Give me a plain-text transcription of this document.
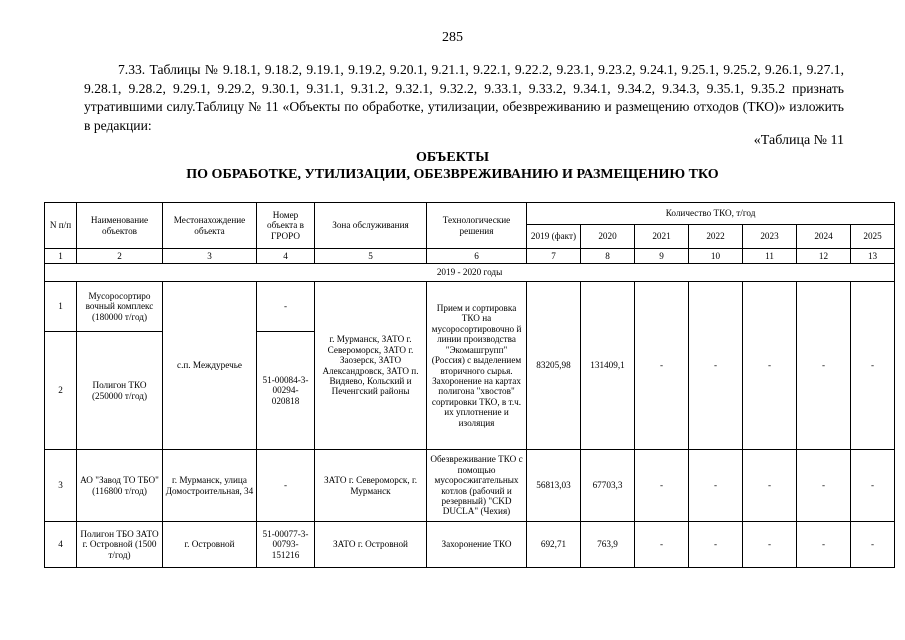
285

7.33. Таблицы № 9.18.1, 9.18.2, 9.19.1, 9.19.2, 9.20.1, 9.21.1, 9.22.1, 9.22.2, 9.23.1, 9.23.2, 9.24.1, 9.25.1, 9.25.2, 9.26.1, 9.27.1, 9.28.1, 9.28.2, 9.29.1, 9.29.2, 9.30.1, 9.31.1, 9.31.2, 9.32.1, 9.32.2, 9.33.1, 9.33.2, 9.34.1, 9.34.2, 9.34.3, 9.35.1, 9.35.2 признать утратившими силу.Таблицу № 11 «Объекты по обработке, утилизации, обезвреживанию и размещению отходов (ТКО)» изложить в редакции:

«Таблица № 11
ОБЪЕКТЫ
ПО ОБРАБОТКЕ, УТИЛИЗАЦИИ, ОБЕЗВРЕЖИВАНИЮ И РАЗМЕЩЕНИЮ ТКО
N п/п	Наименование объектов	Местонахождение объекта	Номер объекта в ГРОРО	Зона обслуживания	Технологические решения	Количество ТКО, т/год						
						2019 (факт)	2020	2021	2022	2023	2024	2025
1	2	3	4	5	6	7	8	9	10	11	12	13
2019 - 2020 годы												
1	Мусоросортиро вочный комплекс (180000 т/год)	с.п. Междуречье	-	г. Мурманск, ЗАТО г. Североморск, ЗАТО г. Заозерск, ЗАТО Александровск, ЗАТО п. Видяево, Кольский и Печенгский районы	Прием и сортировка ТКО на мусоросортировочно й линии производства "Экомашгрупп" (Россия) с выделением вторичного сырья. Захоронение на картах полигона "хвостов" сортировки ТКО, в т.ч. их уплотнение и изоляция	83205,98	131409,1	-	-	-	-	-
2	Полигон ТКО (250000 т/год)		51-00084-3-00294-020818									
3	АО "Завод ТО ТБО" (116800 т/год)	г. Мурманск, улица Домостроительная, 34	-	ЗАТО г. Североморск, г. Мурманск	Обезвреживание ТКО с помощью мусоросжигательных котлов (рабочий и резервный) "CKD DUCLA" (Чехия)	56813,03	67703,3	-	-	-	-	-
4	Полигон ТБО ЗАТО г. Островной (1500 т/год)	г. Островной	51-00077-3-00793-151216	ЗАТО г. Островной	Захоронение ТКО	692,71	763,9	-	-	-	-	-
